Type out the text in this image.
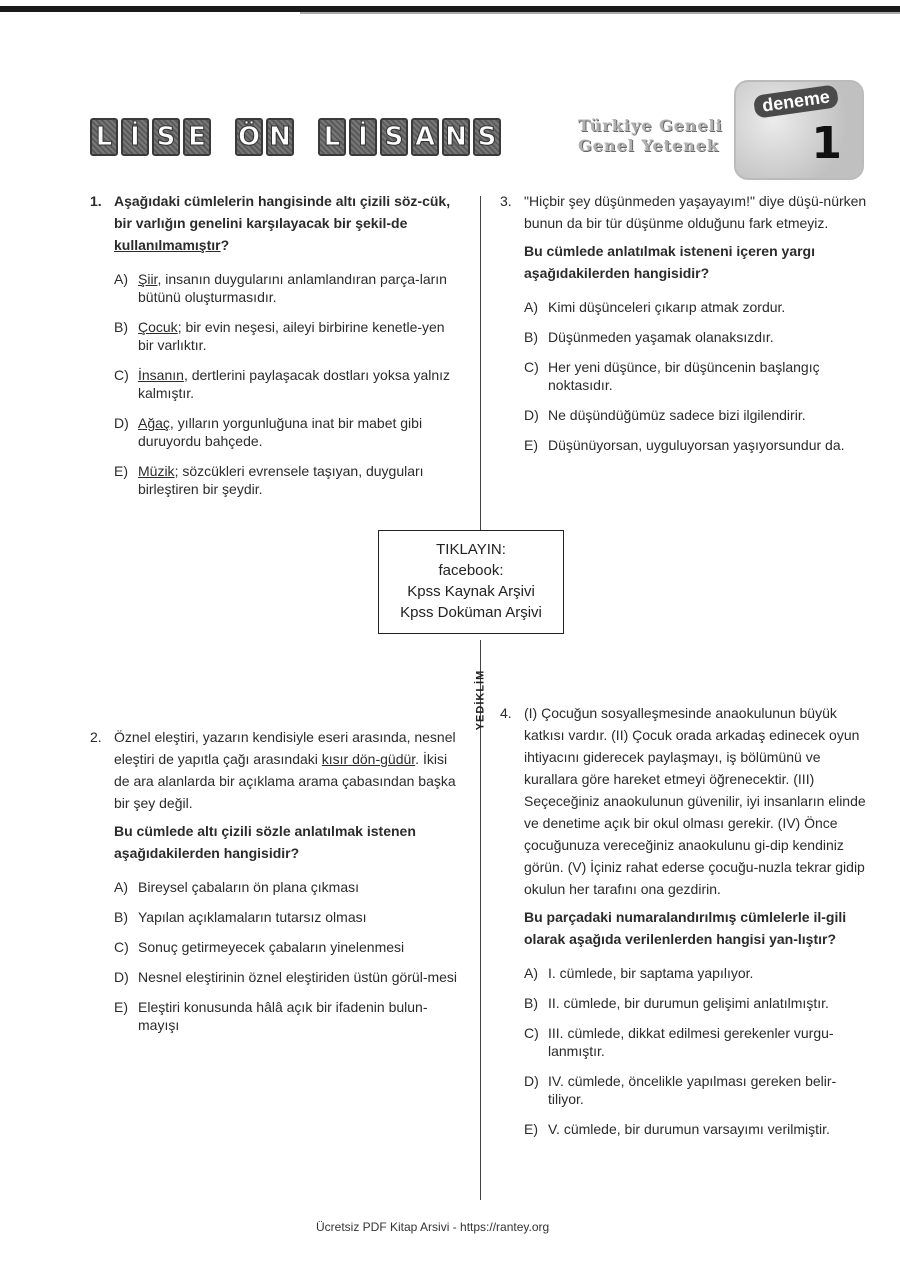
L İ S E Ö N L İ S A N S	Türkiye Geneli
Genel Yetenek
deneme
1
YEDİKLİM
1. Aşağıdaki cümlelerin hangisinde altı çizili söz-cük, bir varlığın genelini karşılayacak bir şekil-de kullanılmamıştır?
A) Şiir, insanın duygularını anlamlandıran parça-ların bütünü oluşturmasıdır.
B) Çocuk; bir evin neşesi, aileyi birbirine kenetle-yen bir varlıktır.
C) İnsanın, dertlerini paylaşacak dostları yoksa yalnız kalmıştır.
D) Ağaç, yılların yorgunluğuna inat bir mabet gibi duruyordu bahçede.
E) Müzik; sözcükleri evrensele taşıyan, duyguları birleştiren bir şeydir.
3. "Hiçbir şey düşünmeden yaşayayım!" diye düşü-nürken bunun da bir tür düşünme olduğunu fark etmeyiz.
Bu cümlede anlatılmak isteneni içeren yargı aşağıdakilerden hangisidir?
A) Kimi düşünceleri çıkarıp atmak zordur.
B) Düşünmeden yaşamak olanaksızdır.
C) Her yeni düşünce, bir düşüncenin başlangıç noktasıdır.
D) Ne düşündüğümüz sadece bizi ilgilendirir.
E) Düşünüyorsan, uyguluyorsan yaşıyorsundur da.
TIKLAYIN:
facebook:
Kpss Kaynak Arşivi
Kpss Doküman Arşivi
2. Öznel eleştiri, yazarın kendisiyle eseri arasında, nesnel eleştiri de yapıtla çağı arasındaki kısır dön-güdür. İkisi de ara alanlarda bir açıklama arama çabasından başka bir şey değil.
Bu cümlede altı çizili sözle anlatılmak istenen aşağıdakilerden hangisidir?
A) Bireysel çabaların ön plana çıkması
B) Yapılan açıklamaların tutarsız olması
C) Sonuç getirmeyecek çabaların yinelenmesi
D) Nesnel eleştirinin öznel eleştiriden üstün görül-mesi
E) Eleştiri konusunda hâlâ açık bir ifadenin bulun-mayışı
4. (I) Çocuğun sosyalleşmesinde anaokulunun büyük katkısı vardır. (II) Çocuk orada arkadaş edinecek oyun ihtiyacını giderecek paylaşmayı, iş bölümünü ve kurallara göre hareket etmeyi öğrenecektir. (III) Seçeceğiniz anaokulunun güvenilir, iyi insanların elinde ve denetime açık bir okul olması gerekir. (IV) Önce çocuğunuza vereceğiniz anaokulunu gi-dip kendiniz görün. (V) İçiniz rahat ederse çocuğu-nuzla tekrar gidip okulun her tarafını ona gezdirin.
Bu parçadaki numaralandırılmış cümlelerle il-gili olarak aşağıda verilenlerden hangisi yan-lıştır?
A) I. cümlede, bir saptama yapılıyor.
B) II. cümlede, bir durumun gelişimi anlatılmıştır.
C) III. cümlede, dikkat edilmesi gerekenler vurgu-lanmıştır.
D) IV. cümlede, öncelikle yapılması gereken belir-tiliyor.
E) V. cümlede, bir durumun varsayımı verilmiştir.
Ücretsiz PDF Kitap Arsivi - https://rantey.org
